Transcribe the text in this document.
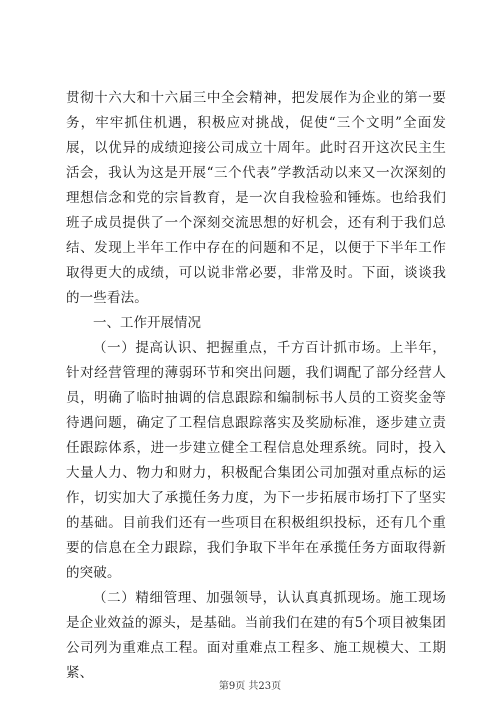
贯彻十六大和十六届三中全会精神，把发展作为企业的第一要务，牢牢抓住机遇，积极应对挑战，促使“三个文明”全面发展，以优异的成绩迎接公司成立十周年。此时召开这次民主生活会，我认为这是开展“三个代表”学教活动以来又一次深刻的理想信念和党的宗旨教育，是一次自我检验和锤炼。也给我们班子成员提供了一个深刻交流思想的好机会，还有利于我们总结、发现上半年工作中存在的问题和不足，以便于下半年工作取得更大的成绩，可以说非常必要，非常及时。下面，谈谈我的一些看法。

一、工作开展情况

（一）提高认识、把握重点，千方百计抓市场。上半年，针对经营管理的薄弱环节和突出问题，我们调配了部分经营人员，明确了临时抽调的信息跟踪和编制标书人员的工资奖金等待遇问题，确定了工程信息跟踪落实及奖励标准，逐步建立责任跟踪体系，进一步建立健全工程信息处理系统。同时，投入大量人力、物力和财力，积极配合集团公司加强对重点标的运作，切实加大了承揽任务力度，为下一步拓展市场打下了坚实的基础。目前我们还有一些项目在积极组织投标，还有几个重要的信息在全力跟踪，我们争取下半年在承揽任务方面取得新的突破。

（二）精细管理、加强领导，认认真真抓现场。施工现场是企业效益的源头，是基础。当前我们在建的有5个项目被集团公司列为重难点工程。面对重难点工程多、施工规模大、工期紧、

第9页 共23页
